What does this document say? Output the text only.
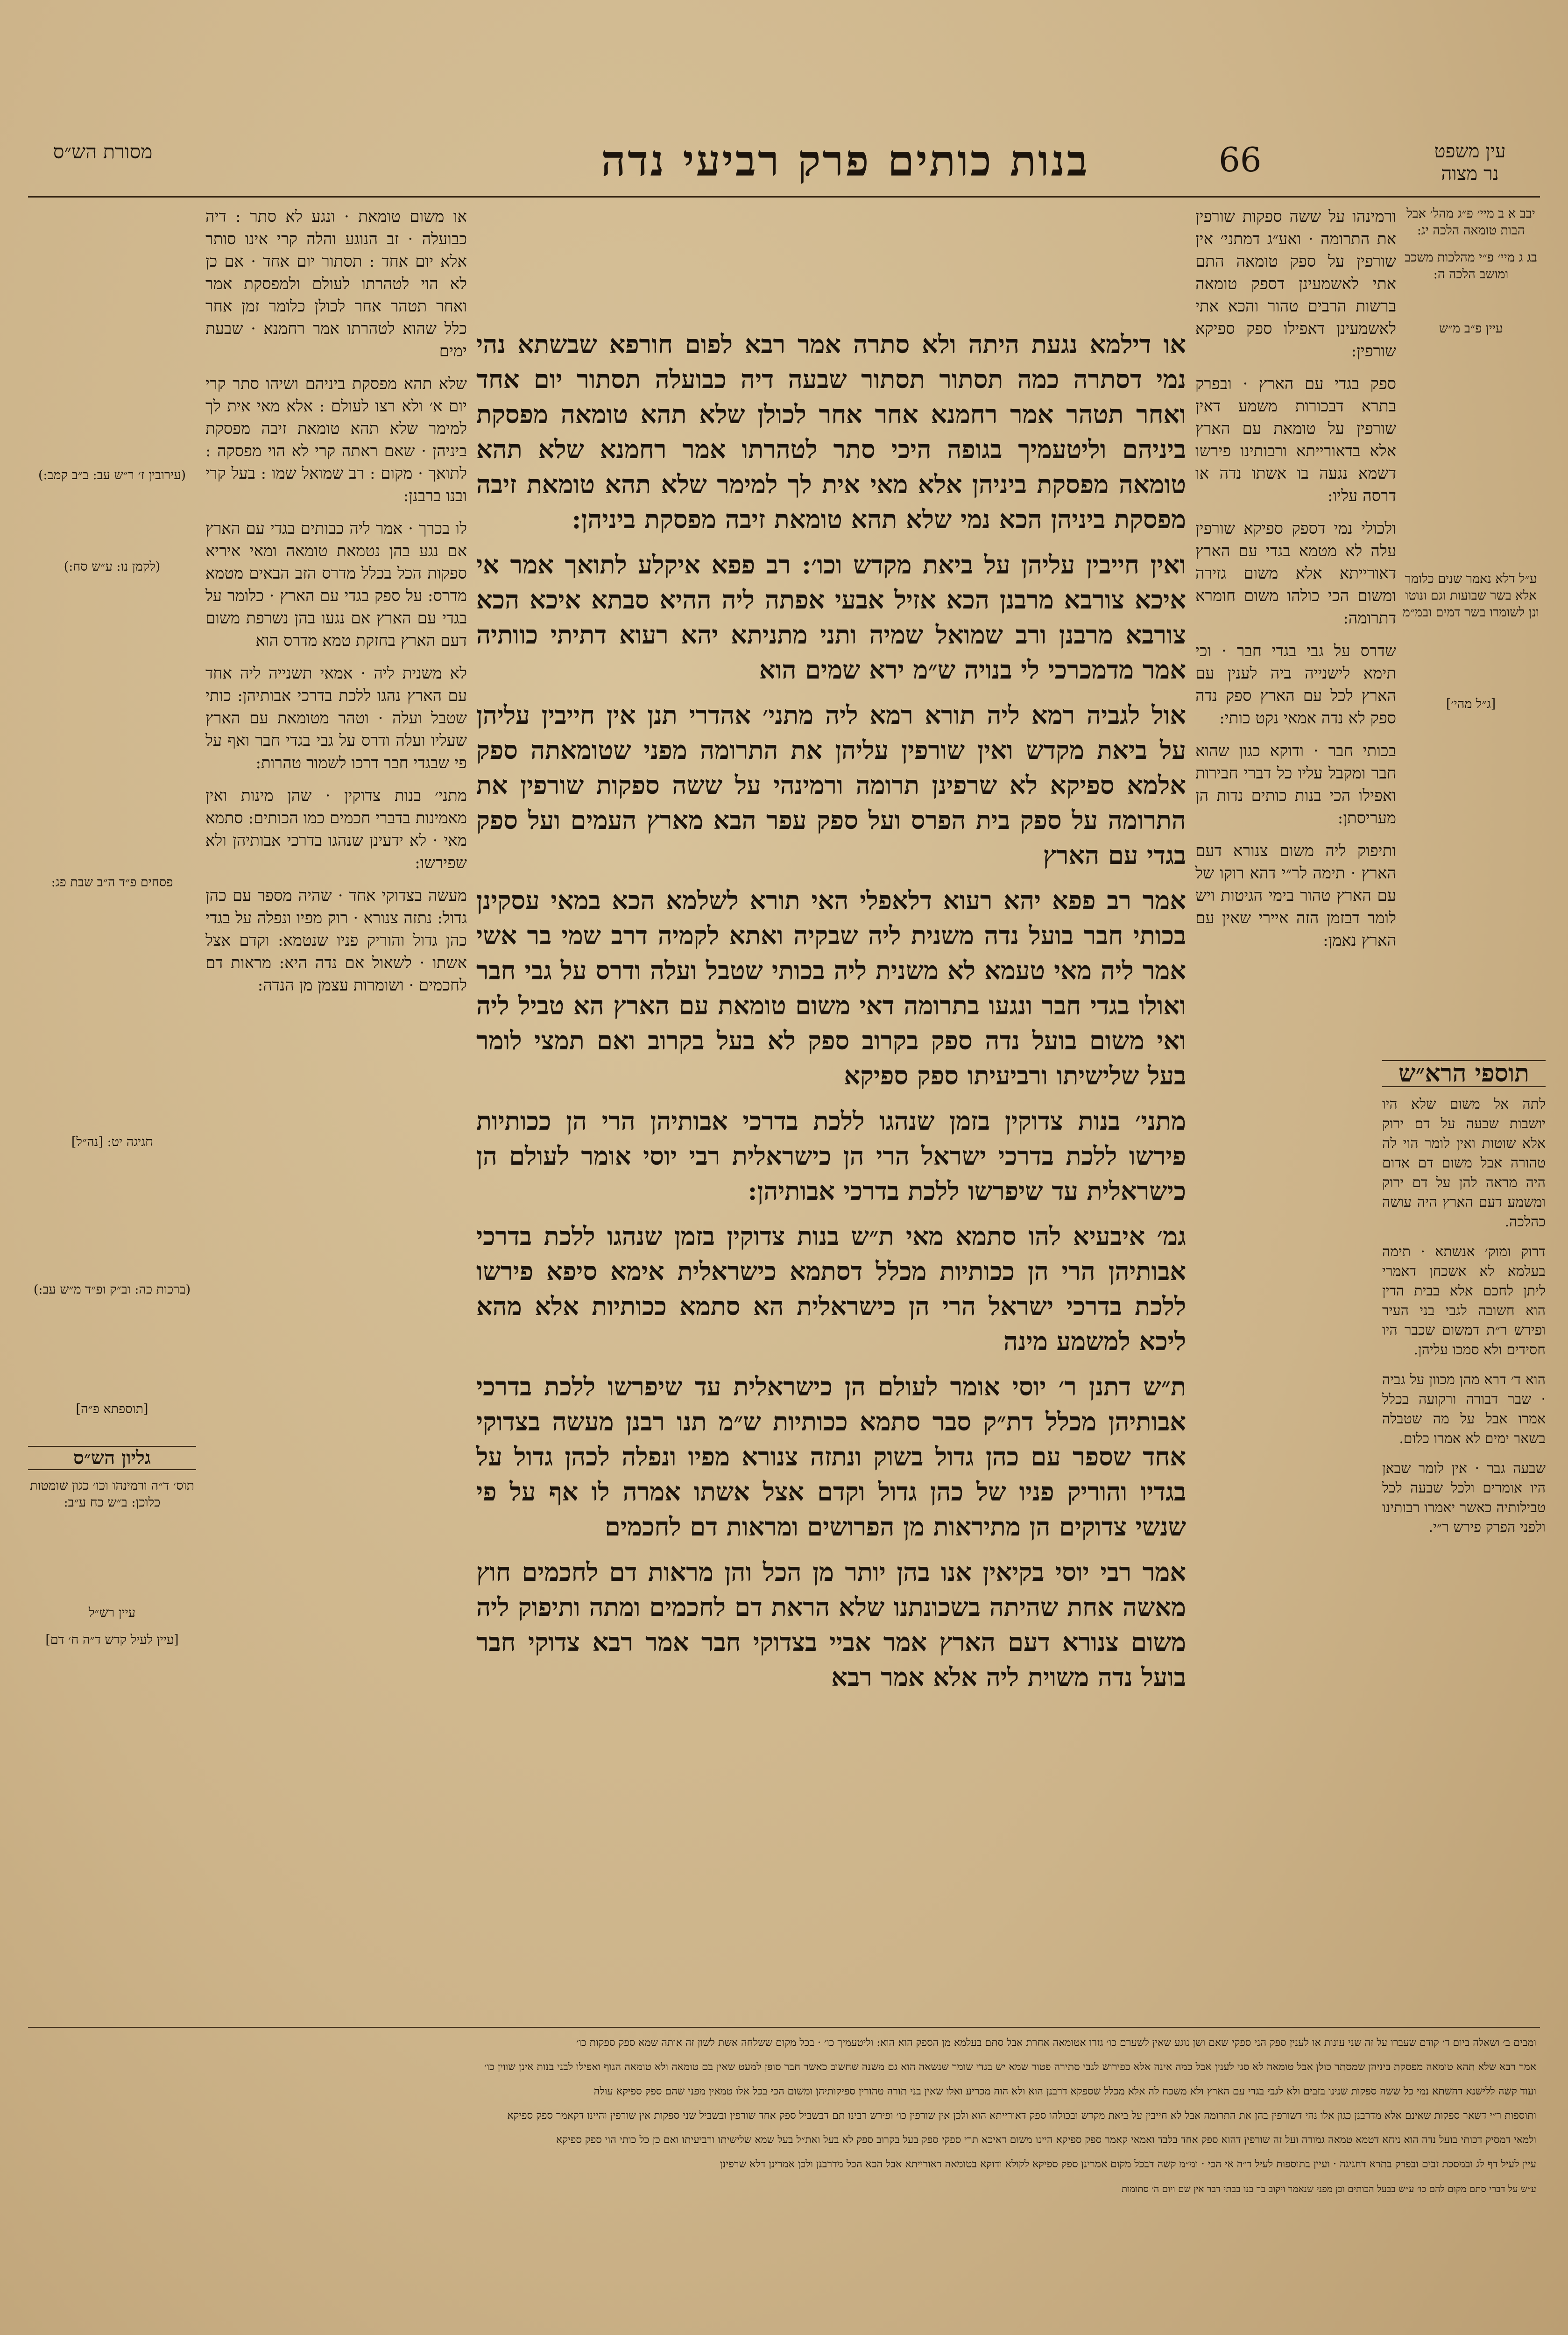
מסורת הש״ס	בנות כותים פרק רביעי נדה	66	עין משפט
נר מצוה

יבב א ב מיי׳ פ״ג מהל׳ אבל הבות טומאה הלכה יג:

בג ג מיי׳ פ״י מהלכות משכב ומושב הלכה ה:

עיין פ״ב מ״ש

ע״ל דלא נאמר שנים כלומר אלא בשר שבועות וגם ונוטו ונן לשומרו בשר דמים ובמ״מ

[ג״ל מהי׳]

ורמינהו על ששה ספקות שורפין את התרומה · ואע״ג דמתני׳ אין שורפין על ספק טומאה התם אתי לאשמעינן דספק טומאה ברשות הרבים טהור והכא אתי לאשמעינן דאפילו ספק ספיקא שורפין:

ספק בגדי עם הארץ · ובפרק בתרא דבכורות משמע דאין שורפין על טומאת עם הארץ אלא בדאורייתא ורבותינו פירשו דשמא נגעה בו אשתו נדה או דרסה עליו:

ולכולי נמי דספק ספיקא שורפין עלה לא מטמא בגדי עם הארץ דאורייתא אלא משום גזירה ומשום הכי כולהו משום חומרא דתרומה:

שדרס על גבי בגדי חבר · וכי תימא לישנייה ביה לענין עם הארץ לכל עם הארץ ספק נדה ספק לא נדה אמאי נקט כותי:

בכותי חבר · ודוקא כגון שהוא חבר ומקבל עליו כל דברי חבירות ואפילו הכי בנות כותים נדות הן מעריסתן:

ותיפוק ליה משום צנורא דעם הארץ · תימה לר״י דהא רוקו של עם הארץ טהור בימי הגיטות ויש לומר דבזמן הזה איירי שאין עם הארץ נאמן:

תוספי הרא״ש

לתה אל משום שלא היו יושבות שבעה על דם ירוק אלא שוטות ואין לומר הוי לה טהורה אבל משום דם אדום היה מראה להן על דם ירוק ומשמע דעם הארץ היה עושה כהלכה.

דרוק ומוק׳ אנשתא · תימה בעלמא לא אשכחן דאמרי ליתן לחכם אלא בבית הדין הוא חשובה לגבי בני העיר ופירש ר״ת דמשום שכבר היו חסידים ולא סמכו עליהן.

הוא ד׳ דרא מהן מכוון על גביה · שבר דבורה ורקועה בכלל אמרו אבל על מה שטבלה בשאר ימים לא אמרו כלום.

שבעה גבר · אין לומר שבאן היו אומרים ולכל שבעה לכל טבילותיה כאשר יאמרו רבותינו ולפני הפרק פירש ר״י.

או דילמא נגעת היתה ולא סתרה אמר רבא לפום חורפא שבשתא נהי נמי דסתרה כמה תסתור תסתור שבעה דיה כבועלה תסתור יום אחד ואחר תטהר אמר רחמנא אחר אחר לכולן שלא תהא טומאה מפסקת ביניהם וליטעמיך בגופה היכי סתר לטהרתו אמר רחמנא שלא תהא טומאה מפסקת ביניהן אלא מאי אית לך למימר שלא תהא טומאת זיבה מפסקת ביניהן הכא נמי שלא תהא טומאת זיבה מפסקת ביניהן:

ואין חייבין עליהן על ביאת מקדש וכו׳: רב פפא איקלע לתואך אמר אי איכא צורבא מרבנן הכא אזיל אבעי אפתה ליה ההיא סבתא איכא הכא צורבא מרבנן ורב שמואל שמיה ותני מתניתא יהא רעוא דתיתי כוותיה אמר מדמכרכי לי בנויה ש״מ ירא שמים הוא

אול לגביה רמא ליה תורא רמא ליה מתני׳ אהדרי תנן אין חייבין עליהן על ביאת מקדש ואין שורפין עליהן את התרומה מפני שטומאתה ספק אלמא ספיקא לא שרפינן תרומה ורמינהי על ששה ספקות שורפין את התרומה על ספק בית הפרס ועל ספק עפר הבא מארץ העמים ועל ספק בגדי עם הארץ

אמר רב פפא יהא רעוא דלאפלי האי תורא לשלמא הכא במאי עסקינן בכותי חבר בועל נדה משנית ליה שבקיה ואתא לקמיה דרב שמי בר אשי אמר ליה מאי טעמא לא משנית ליה בכותי שטבל ועלה ודרס על גבי חבר ואולו בגדי חבר ונגעו בתרומה דאי משום טומאת עם הארץ הא טביל ליה ואי משום בועל נדה ספק בקרוב ספק לא בעל בקרוב ואם תמצי לומר בעל שלישיתו ורביעיתו ספק ספיקא

מתני׳ בנות צדוקין בזמן שנהגו ללכת בדרכי אבותיהן הרי הן ככותיות פירשו ללכת בדרכי ישראל הרי הן כישראלית רבי יוסי אומר לעולם הן כישראלית עד שיפרשו ללכת בדרכי אבותיהן:

גמ׳ איבעיא להו סתמא מאי ת״ש בנות צדוקין בזמן שנהגו ללכת בדרכי אבותיהן הרי הן ככותיות מכלל דסתמא כישראלית אימא סיפא פירשו ללכת בדרכי ישראל הרי הן כישראלית הא סתמא ככותיות אלא מהא ליכא למשמע מינה

ת״ש דתנן ר׳ יוסי אומר לעולם הן כישראלית עד שיפרשו ללכת בדרכי אבותיהן מכלל דת״ק סבר סתמא ככותיות ש״מ תנו רבנן מעשה בצדוקי אחד שספר עם כהן גדול בשוק ונתזה צנורא מפיו ונפלה לכהן גדול על בגדיו והוריק פניו של כהן גדול וקדם אצל אשתו אמרה לו אף על פי שנשי צדוקים הן מתיראות מן הפרושים ומראות דם לחכמים

אמר רבי יוסי בקיאין אנו בהן יותר מן הכל והן מראות דם לחכמים חוץ מאשה אחת שהיתה בשכונתנו שלא הראת דם לחכמים ומתה ותיפוק ליה משום צנורא דעם הארץ אמר אביי בצדוקי חבר אמר רבא צדוקי חבר בועל נדה משוית ליה אלא אמר רבא

או משום טומאת · ונגע לא סתר : דיה כבועלה · זב הנוגע והלה קרי אינו סותר אלא יום אחד : תסתור יום אחד · אם כן לא הוי לטהרתו לעולם ולמפסקת אמר ואחר תטהר אחר לכולן כלומר זמן אחר כלל שהוא לטהרתו אמר רחמנא · שבעת ימים

שלא תהא מפסקת ביניהם ושיהו סתר קרי יום א׳ ולא רצו לעולם : אלא מאי אית לך למימר שלא תהא טומאת זיבה מפסקת ביניהן · שאם ראתה קרי לא הוי מפסקה : לתואך · מקום : רב שמואל שמו : בעל קרי ובנו ברבנן:

לו בכרך · אמר ליה כבותים בגדי עם הארץ אם נגע בהן נטמאת טומאה ומאי איריא ספקות הכל בכלל מדרס הזב הבאים מטמא מדרס: על ספק בגדי עם הארץ · כלומר על בגדי עם הארץ אם נגעו בהן נשרפת משום דעם הארץ בחזקת טמא מדרס הוא

לא משנית ליה · אמאי תשנייה ליה אחד עם הארץ נהגו ללכת בדרכי אבותיהן: כותי שטבל ועלה · וטהר מטומאת עם הארץ שעליו ועלה ודרס על גבי בגדי חבר ואף על פי שבגדי חבר דרכו לשמור טהרות:

מתני׳ בנות צדוקין · שהן מינות ואין מאמינות בדברי חכמים כמו הכותים: סתמא מאי · לא ידעינן שנהגו בדרכי אבותיהן ולא שפירשו:

מעשה בצדוקי אחד · שהיה מספר עם כהן גדול: נתזה צנורא · רוק מפיו ונפלה על בגדי כהן גדול והוריק פניו שנטמא: וקדם אצל אשתו · לשאול אם נדה היא: מראות דם לחכמים · ושומרות עצמן מן הנדה:

(עירובין ז׳ ר״ש עב: ב״ב קמב:)

(לקמן נו: ע״ש סח:)

פסחים פ״ד ה״ב שבת פג:

חגיגה יט: [נה״ל]

(ברכות כה: וב״ק ופ״ד מ״ש עב:)

[תוספתא פ״ה]

גליון הש״ס

תוס׳ ד״ה ורמינהו וכו׳ כגון שומטות כלוכן: ב״ש כח ע״ב:

עיין רש״ל

[עיין לעיל קדש ד״ה ח׳ דם]

ומבים ב׳ ושאלה ביום ד׳ קודם שעברו על זה שני עונות או לענין ספק הני ספקי שאם ושן נוגע שאין לשערם כו׳ גזרו אטומאה אחרת אבל סתם בעלמא מן הספק הוא הוא: וליטעמיך כו׳ · בכל מקום ששלחה אשת לשון זה אותה שמא ספק ספקות כו׳

אמר רבא שלא תהא טומאה מפסקת ביניהן שמסתר כולן אבל טומאה לא סגי לענין אבל כמה אינה אלא כפירוש לגבי סתירה פטור שמא יש בגדי שומר שנשאה הוא גם משנה שחשוב כאשר חבר סופן למעט שאין בם טומאה ולא טומאה הגוף ואפילו לבני בנות אינן שווין כו׳

ועוד קשה ללישנא דהשתא נמי כל ששה ספקות שנינו בזבים ולא לגבי בגדי עם הארץ ולא משכח לה אלא מכלל שספקא דרבנן הוא ולא הוה מכריע ואלו שאין בני תורה טהורין ספיקותיהן ומשום הכי בכל אלו טמאין מפני שהם ספק ספיקא עולה

ותוספות ר״י דשאר ספקות שאינם אלא מדרבנן כגון אלו נהי דשורפין בהן את התרומה אבל לא חייבין על ביאת מקדש ובכולהו ספק דאורייתא הוא ולכן אין שורפין כו׳ ופירש רבינו תם דבשביל ספק אחד שורפין ובשביל שני ספקות אין שורפין והיינו דקאמר ספק ספיקא

ולמאי דמסיק דכותי בועל נדה הוא ניחא דטמא טמאה גמורה ועל זה שורפין דהוא ספק אחד בלבד ואמאי קאמר ספק ספיקא היינו משום דאיכא תרי ספקי ספק בעל בקרוב ספק לא בעל ואת״ל בעל שמא שלישיתו ורביעיתו ואם כן כל כותי הוי ספק ספיקא

עיין לעיל דף לג ובמסכת זבים ובפרק בתרא דחגיגה · ועיין בתוספות לעיל ד״ה אי הכי · ומ״מ קשה דבכל מקום אמרינן ספק ספיקא לקולא ודוקא בטומאה דאורייתא אבל הכא הכל מדרבנן ולכן אמרינן דלא שרפינן

ע״ש על דברי סתם מקום להם כו׳ ע״ש בבעל הכותים וכן מפני שנאמר ויקוב בר בנו בבתי דבר אין שם ויום ה׳ סתומות
